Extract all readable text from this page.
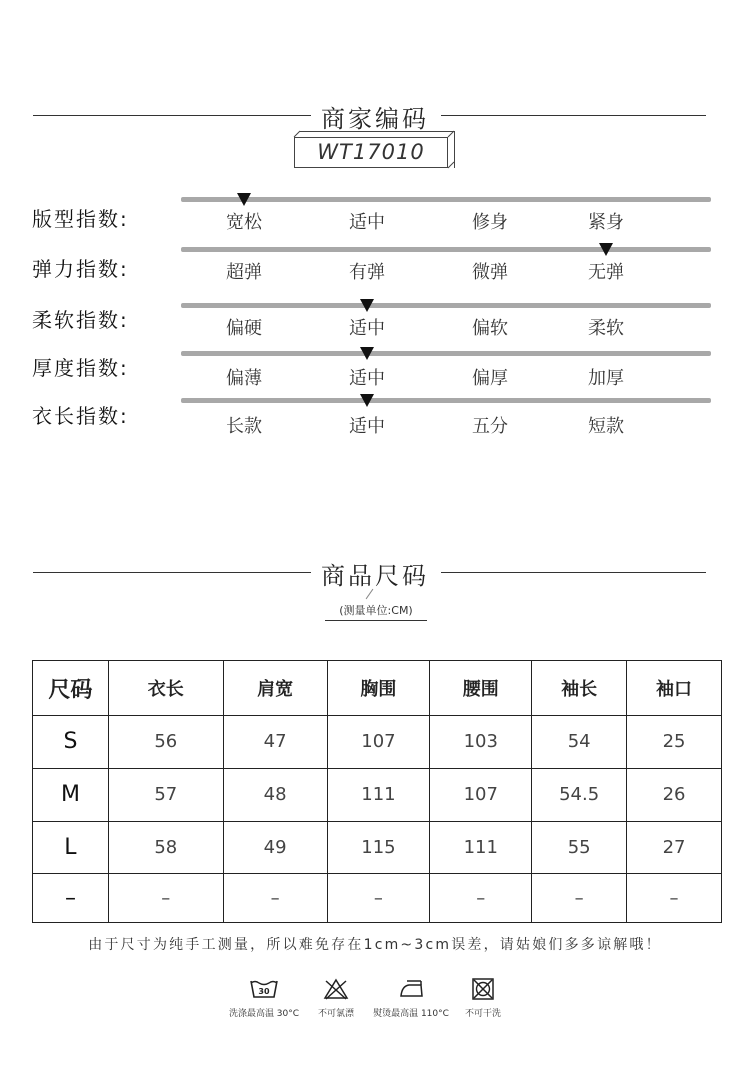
商家编码
WT17010
版型指数:	宽松	适中	修身	紧身
弹力指数:	超弹	有弹	微弹	无弹
柔软指数:	偏硬	适中	偏软	柔软
厚度指数:	偏薄	适中	偏厚	加厚
衣长指数:	长款	适中	五分	短款
商品尺码
(测量单位:CM)
尺码	衣长	肩宽	胸围	腰围	袖长	袖口
S	56	47	107	103	54	25
M	57	48	111	107	54.5	26
L	58	49	115	111	55	27
–	–	–	–	–	–	–
由于尺寸为纯手工测量，所以难免存在1cm~3cm误差，请姑娘们多多谅解哦！
30
洗涤最高温 30°C	不可氯漂	熨烫最高温 110°C	不可干洗
